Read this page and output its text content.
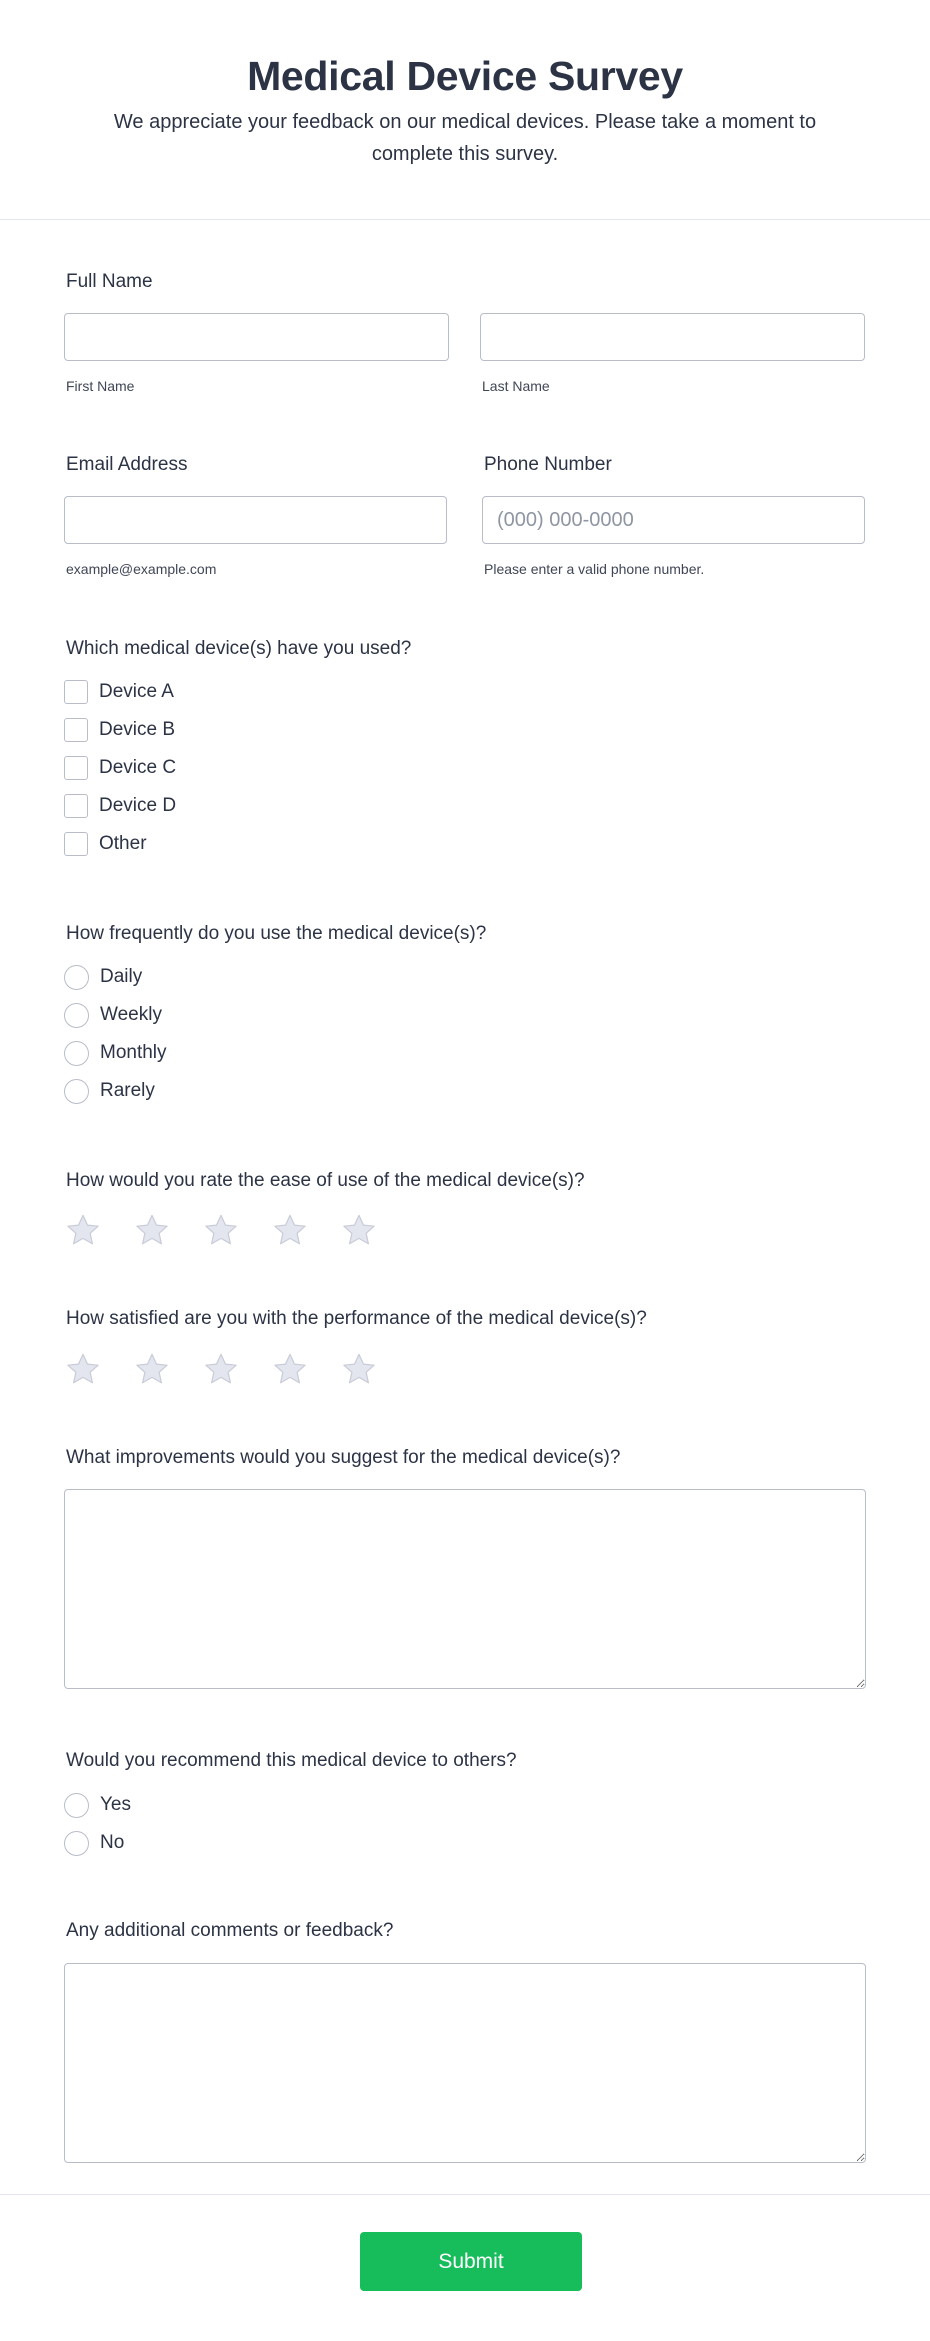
Medical Device Survey

We appreciate your feedback on our medical devices. Please take a moment to complete this survey.

Full Name
First Name	Last Name
Email Address
example@example.com
Phone Number
(000) 000-0000
Please enter a valid phone number.
Which medical device(s) have you used?
Device A
Device B
Device C
Device D
Other
How frequently do you use the medical device(s)?
Daily
Weekly
Monthly
Rarely
How would you rate the ease of use of the medical device(s)?
How satisfied are you with the performance of the medical device(s)?
What improvements would you suggest for the medical device(s)?
Would you recommend this medical device to others?
Yes
No
Any additional comments or feedback?
Submit
